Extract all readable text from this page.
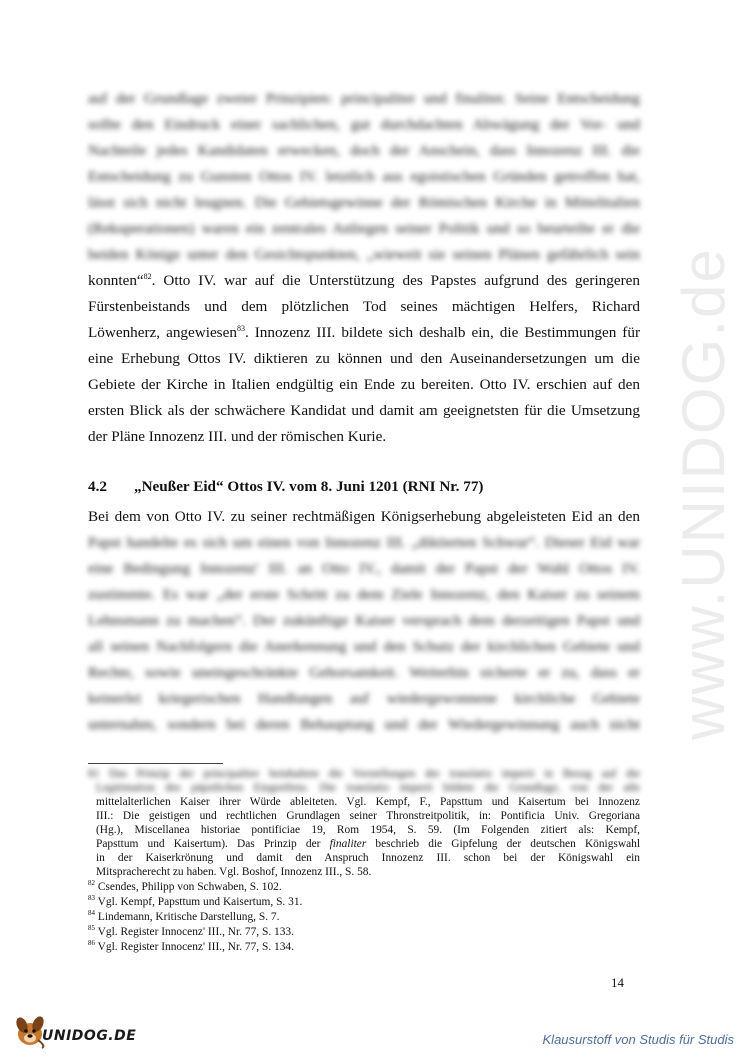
www.UNIDOG.de
auf der Grundlage zweier Prinzipien: principaliter und finaliter. Seine Entscheidung
sollte den Eindruck einer sachlichen, gut durchdachten Abwägung der Vor- und
Nachteile jedes Kandidaten erwecken, doch der Anschein, dass Innozenz III. die
Entscheidung zu Gunsten Ottos IV. letztlich aus egoistischen Gründen getroffen hat,
lässt sich nicht leugnen. Die Gebietsgewinne der Römischen Kirche in Mittelitalien
(Rekuperationen) waren ein zentrales Anliegen seiner Politik und so beurteilte er die
beiden Könige unter den Gesichtspunkten, „wieweit sie seinen Plänen gefährlich sein
konnten“$^{82}$. Otto IV. war auf die Unterstützung des Papstes aufgrund des geringeren
Fürstenbeistands und dem plötzlichen Tod seines mächtigen Helfers, Richard
Löwenherz, angewiesen$^{83}$. Innozenz III. bildete sich deshalb ein, die Bestimmungen für
eine Erhebung Ottos IV. diktieren zu können und den Auseinandersetzungen um die
Gebiete der Kirche in Italien endgültig ein Ende zu bereiten. Otto IV. erschien auf den
ersten Blick als der schwächere Kandidat und damit am geeignetsten für die Umsetzung
der Pläne Innozenz III. und der römischen Kurie.
4.2 „Neußer Eid“ Ottos IV. vom 8. Juni 1201 (RNI Nr. 77)
Bei dem von Otto IV. zu seiner rechtmäßigen Königserhebung abgeleisteten Eid an den
Papst handelte es sich um einen von Innozenz III. „diktierten Schwur“. Dieser Eid war
eine Bedingung Innozenz' III. an Otto IV., damit der Papst der Wahl Ottos IV.
zustimmte. Es war „der erste Schritt zu dem Ziele Innozenz, den Kaiser zu seinem
Lehnsmann zu machen“. Der zukünftige Kaiser versprach dem derzeitigen Papst und
all seinen Nachfolgern die Anerkennung und den Schutz der kirchlichen Gebiete und
Rechte, sowie uneingeschränkte Gehorsamkeit. Weiterhin sicherte er zu, dass er
keinerlei kriegerischen Handlungen auf wiedergewonnene kirchliche Gebiete
unternahm, sondern bei deren Behauptung und der Wiedergewinnung auch nicht
81 Das Prinzip der principaliter beinhaltete die Vorstellungen der translatio imperii in Bezug auf die
Legitimation des päpstlichen Eingreifens. Die translatio imperii bildete die Grundlage, von der alle
mittelalterlichen Kaiser ihrer Würde ableiteten. Vgl. Kempf, F., Papsttum und Kaisertum bei Innozenz
III.: Die geistigen und rechtlichen Grundlagen seiner Thronstreitpolitik, in: Pontificia Univ. Gregoriana
(Hg.), Miscellanea historiae pontificiae 19, Rom 1954, S. 59. (Im Folgenden zitiert als: Kempf,
Papsttum und Kaisertum). Das Prinzip der finaliter beschrieb die Gipfelung der deutschen Königswahl
in der Kaiserkrönung und damit den Anspruch Innozenz III. schon bei der Königswahl ein
Mitspracherecht zu haben. Vgl. Boshof, Innozenz III., S. 58.
$^{82}$ Csendes, Philipp von Schwaben, S. 102.
$^{83}$ Vgl. Kempf, Papsttum und Kaisertum, S. 31.
$^{84}$ Lindemann, Kritische Darstellung, S. 7.
$^{85}$ Vgl. Register Innocenz' III., Nr. 77, S. 133.
$^{86}$ Vgl. Register Innocenz' III., Nr. 77, S. 134.
14
UNIDOG.DE	Klausurstoff von Studis für Studis
